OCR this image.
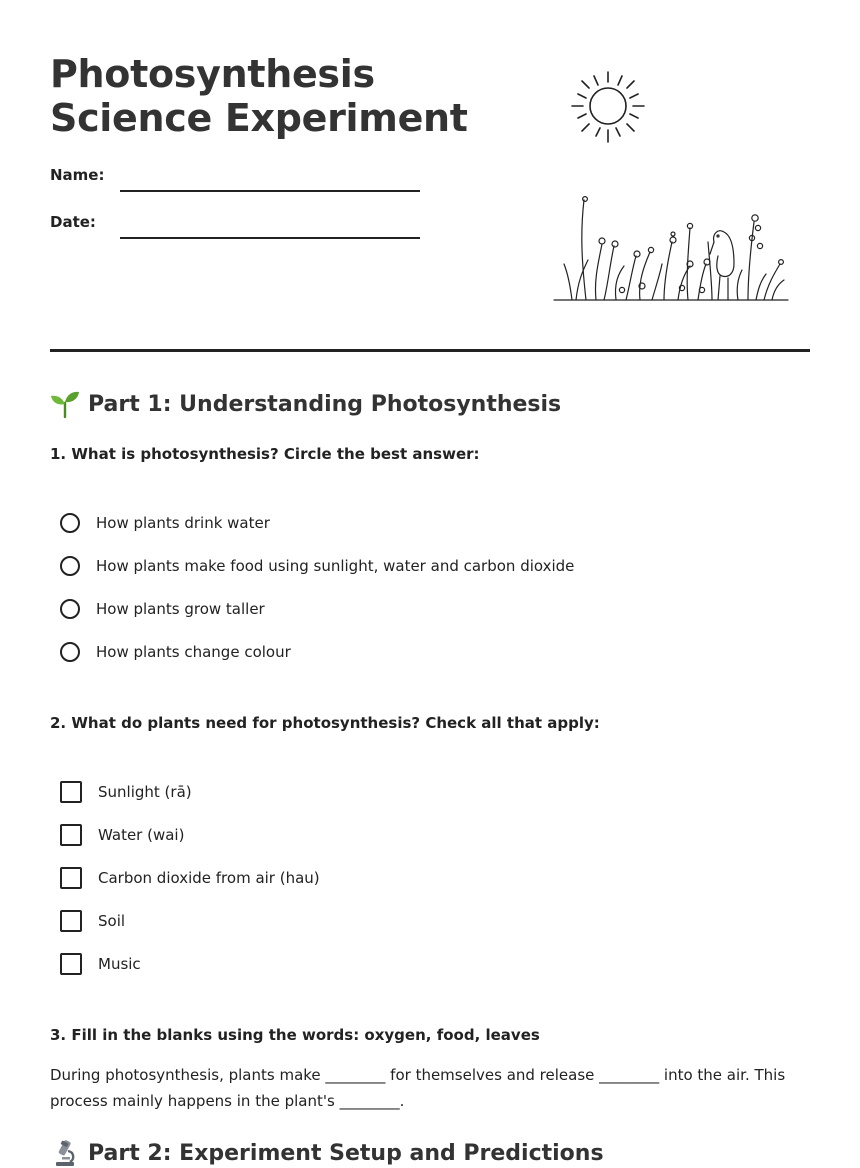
Photosynthesis Science Experiment
Name:
Date:
Part 1: Understanding Photosynthesis
1. What is photosynthesis? Circle the best answer:
How plants drink water
How plants make food using sunlight, water and carbon dioxide
How plants grow taller
How plants change colour
2. What do plants need for photosynthesis? Check all that apply:
Sunlight (rā)
Water (wai)
Carbon dioxide from air (hau)
Soil
Music
3. Fill in the blanks using the words: oxygen, food, leaves

During photosynthesis, plants make ________ for themselves and release ________ into the air. This process mainly happens in the plant's ________.

Part 2: Experiment Setup and Predictions
